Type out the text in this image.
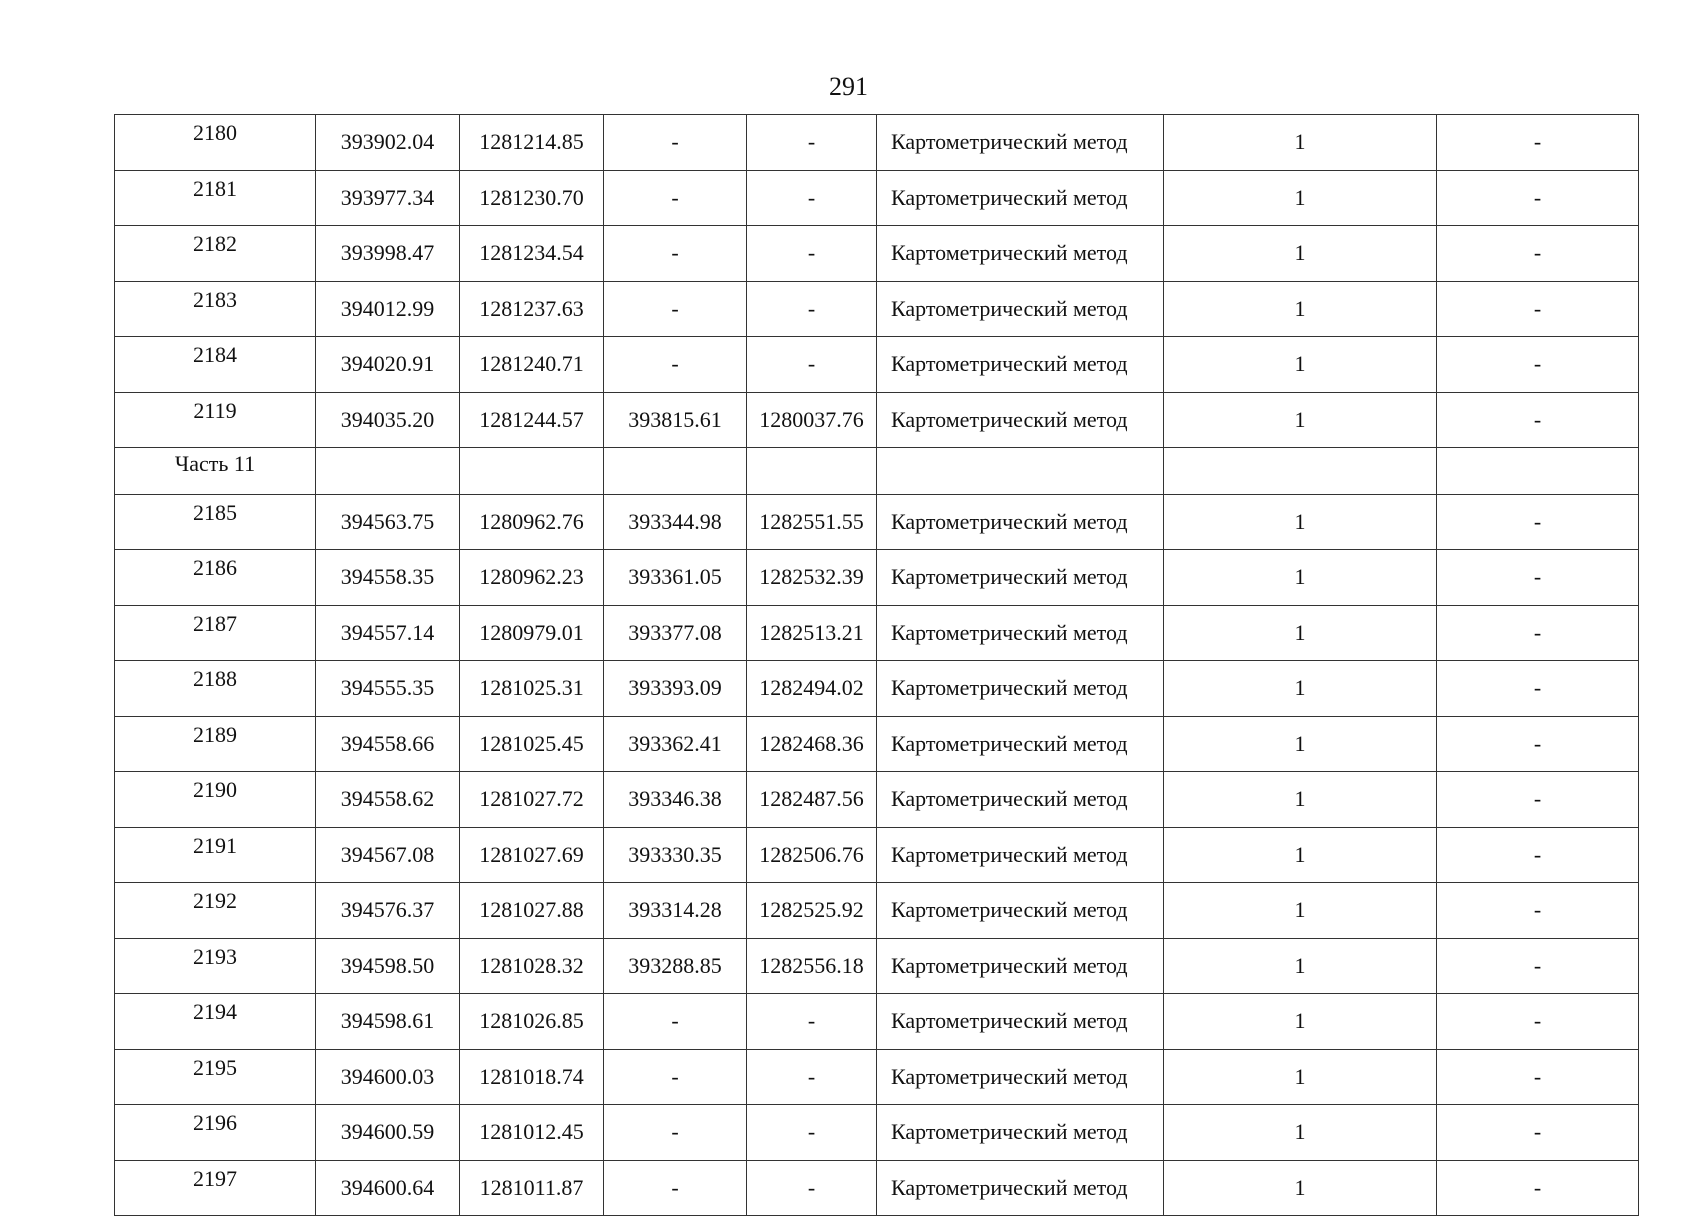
291
2180	393902.04	1281214.85	-	-	Картометрический метод	1	-
2181	393977.34	1281230.70	-	-	Картометрический метод	1	-
2182	393998.47	1281234.54	-	-	Картометрический метод	1	-
2183	394012.99	1281237.63	-	-	Картометрический метод	1	-
2184	394020.91	1281240.71	-	-	Картометрический метод	1	-
2119	394035.20	1281244.57	393815.61	1280037.76	Картометрический метод	1	-
Часть 11							
2185	394563.75	1280962.76	393344.98	1282551.55	Картометрический метод	1	-
2186	394558.35	1280962.23	393361.05	1282532.39	Картометрический метод	1	-
2187	394557.14	1280979.01	393377.08	1282513.21	Картометрический метод	1	-
2188	394555.35	1281025.31	393393.09	1282494.02	Картометрический метод	1	-
2189	394558.66	1281025.45	393362.41	1282468.36	Картометрический метод	1	-
2190	394558.62	1281027.72	393346.38	1282487.56	Картометрический метод	1	-
2191	394567.08	1281027.69	393330.35	1282506.76	Картометрический метод	1	-
2192	394576.37	1281027.88	393314.28	1282525.92	Картометрический метод	1	-
2193	394598.50	1281028.32	393288.85	1282556.18	Картометрический метод	1	-
2194	394598.61	1281026.85	-	-	Картометрический метод	1	-
2195	394600.03	1281018.74	-	-	Картометрический метод	1	-
2196	394600.59	1281012.45	-	-	Картометрический метод	1	-
2197	394600.64	1281011.87	-	-	Картометрический метод	1	-
